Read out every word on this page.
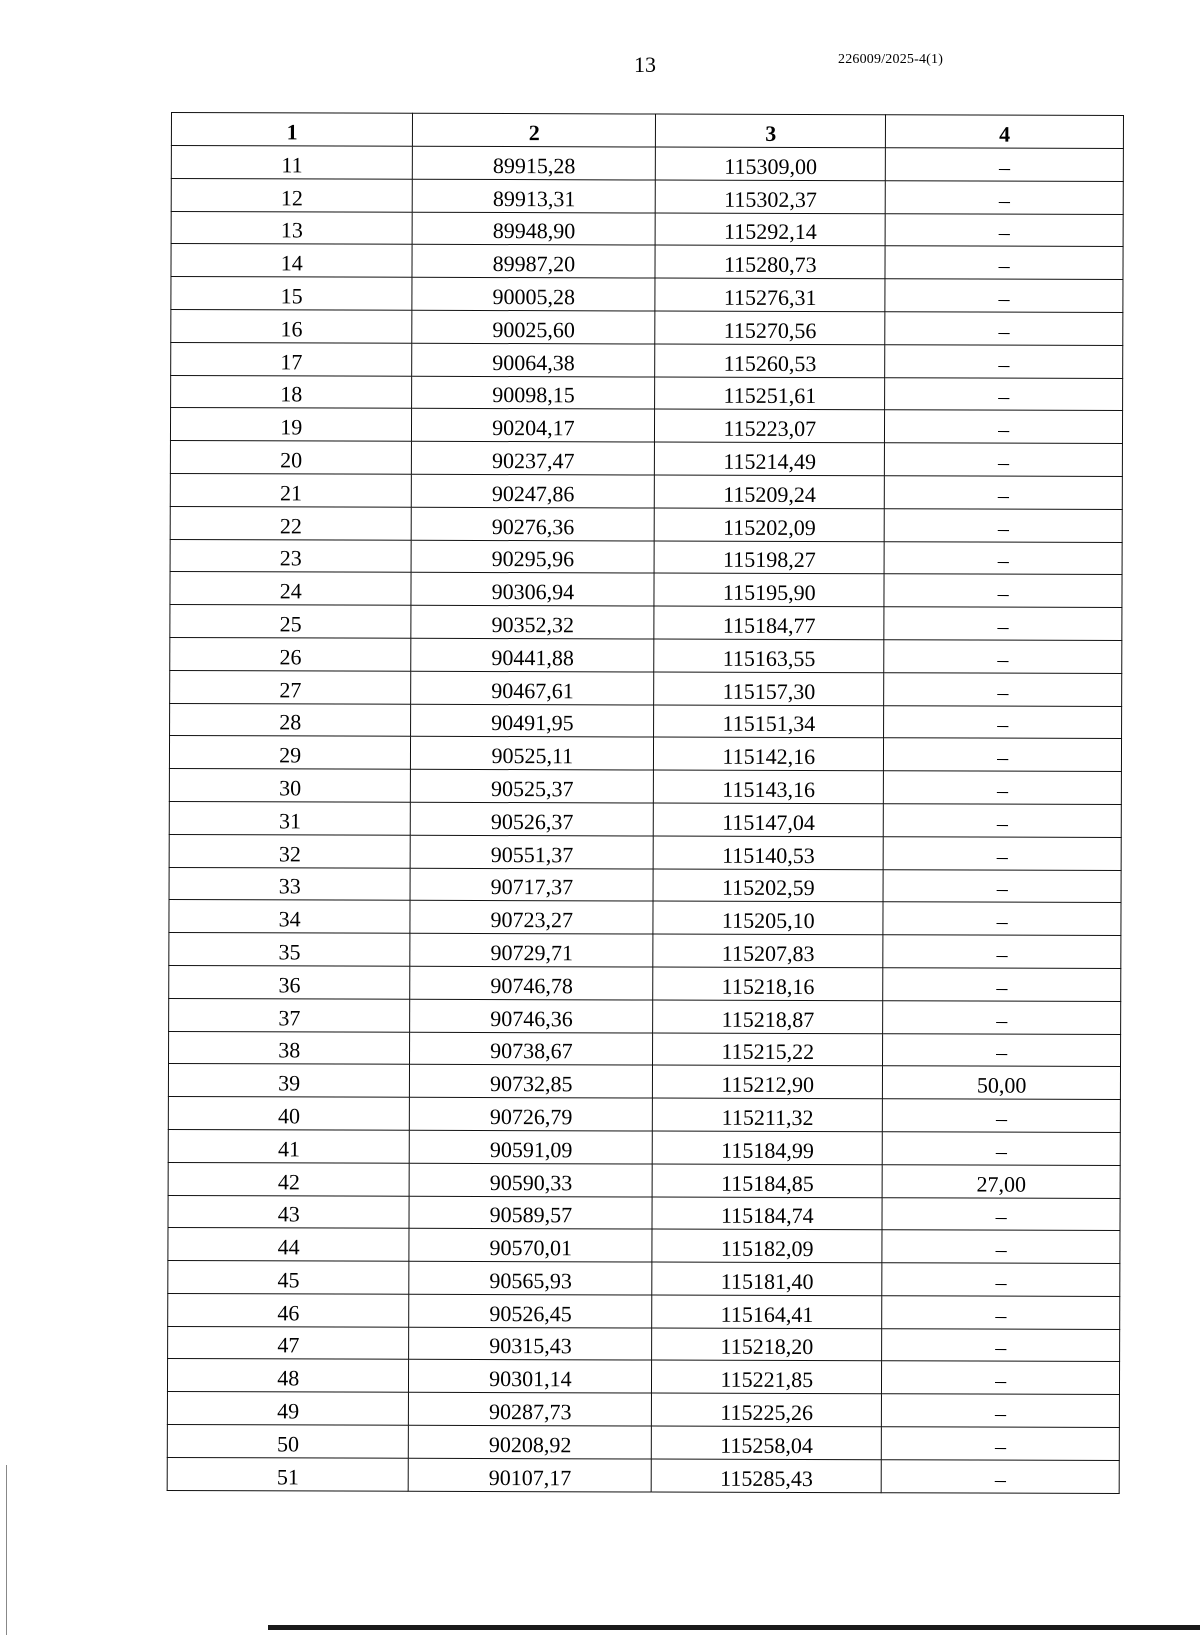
13	226009/2025-4(1)
1	2	3	4
11	89915,28	115309,00	–
12	89913,31	115302,37	–
13	89948,90	115292,14	–
14	89987,20	115280,73	–
15	90005,28	115276,31	–
16	90025,60	115270,56	–
17	90064,38	115260,53	–
18	90098,15	115251,61	–
19	90204,17	115223,07	–
20	90237,47	115214,49	–
21	90247,86	115209,24	–
22	90276,36	115202,09	–
23	90295,96	115198,27	–
24	90306,94	115195,90	–
25	90352,32	115184,77	–
26	90441,88	115163,55	–
27	90467,61	115157,30	–
28	90491,95	115151,34	–
29	90525,11	115142,16	–
30	90525,37	115143,16	–
31	90526,37	115147,04	–
32	90551,37	115140,53	–
33	90717,37	115202,59	–
34	90723,27	115205,10	–
35	90729,71	115207,83	–
36	90746,78	115218,16	–
37	90746,36	115218,87	–
38	90738,67	115215,22	–
39	90732,85	115212,90	50,00
40	90726,79	115211,32	–
41	90591,09	115184,99	–
42	90590,33	115184,85	27,00
43	90589,57	115184,74	–
44	90570,01	115182,09	–
45	90565,93	115181,40	–
46	90526,45	115164,41	–
47	90315,43	115218,20	–
48	90301,14	115221,85	–
49	90287,73	115225,26	–
50	90208,92	115258,04	–
51	90107,17	115285,43	–
